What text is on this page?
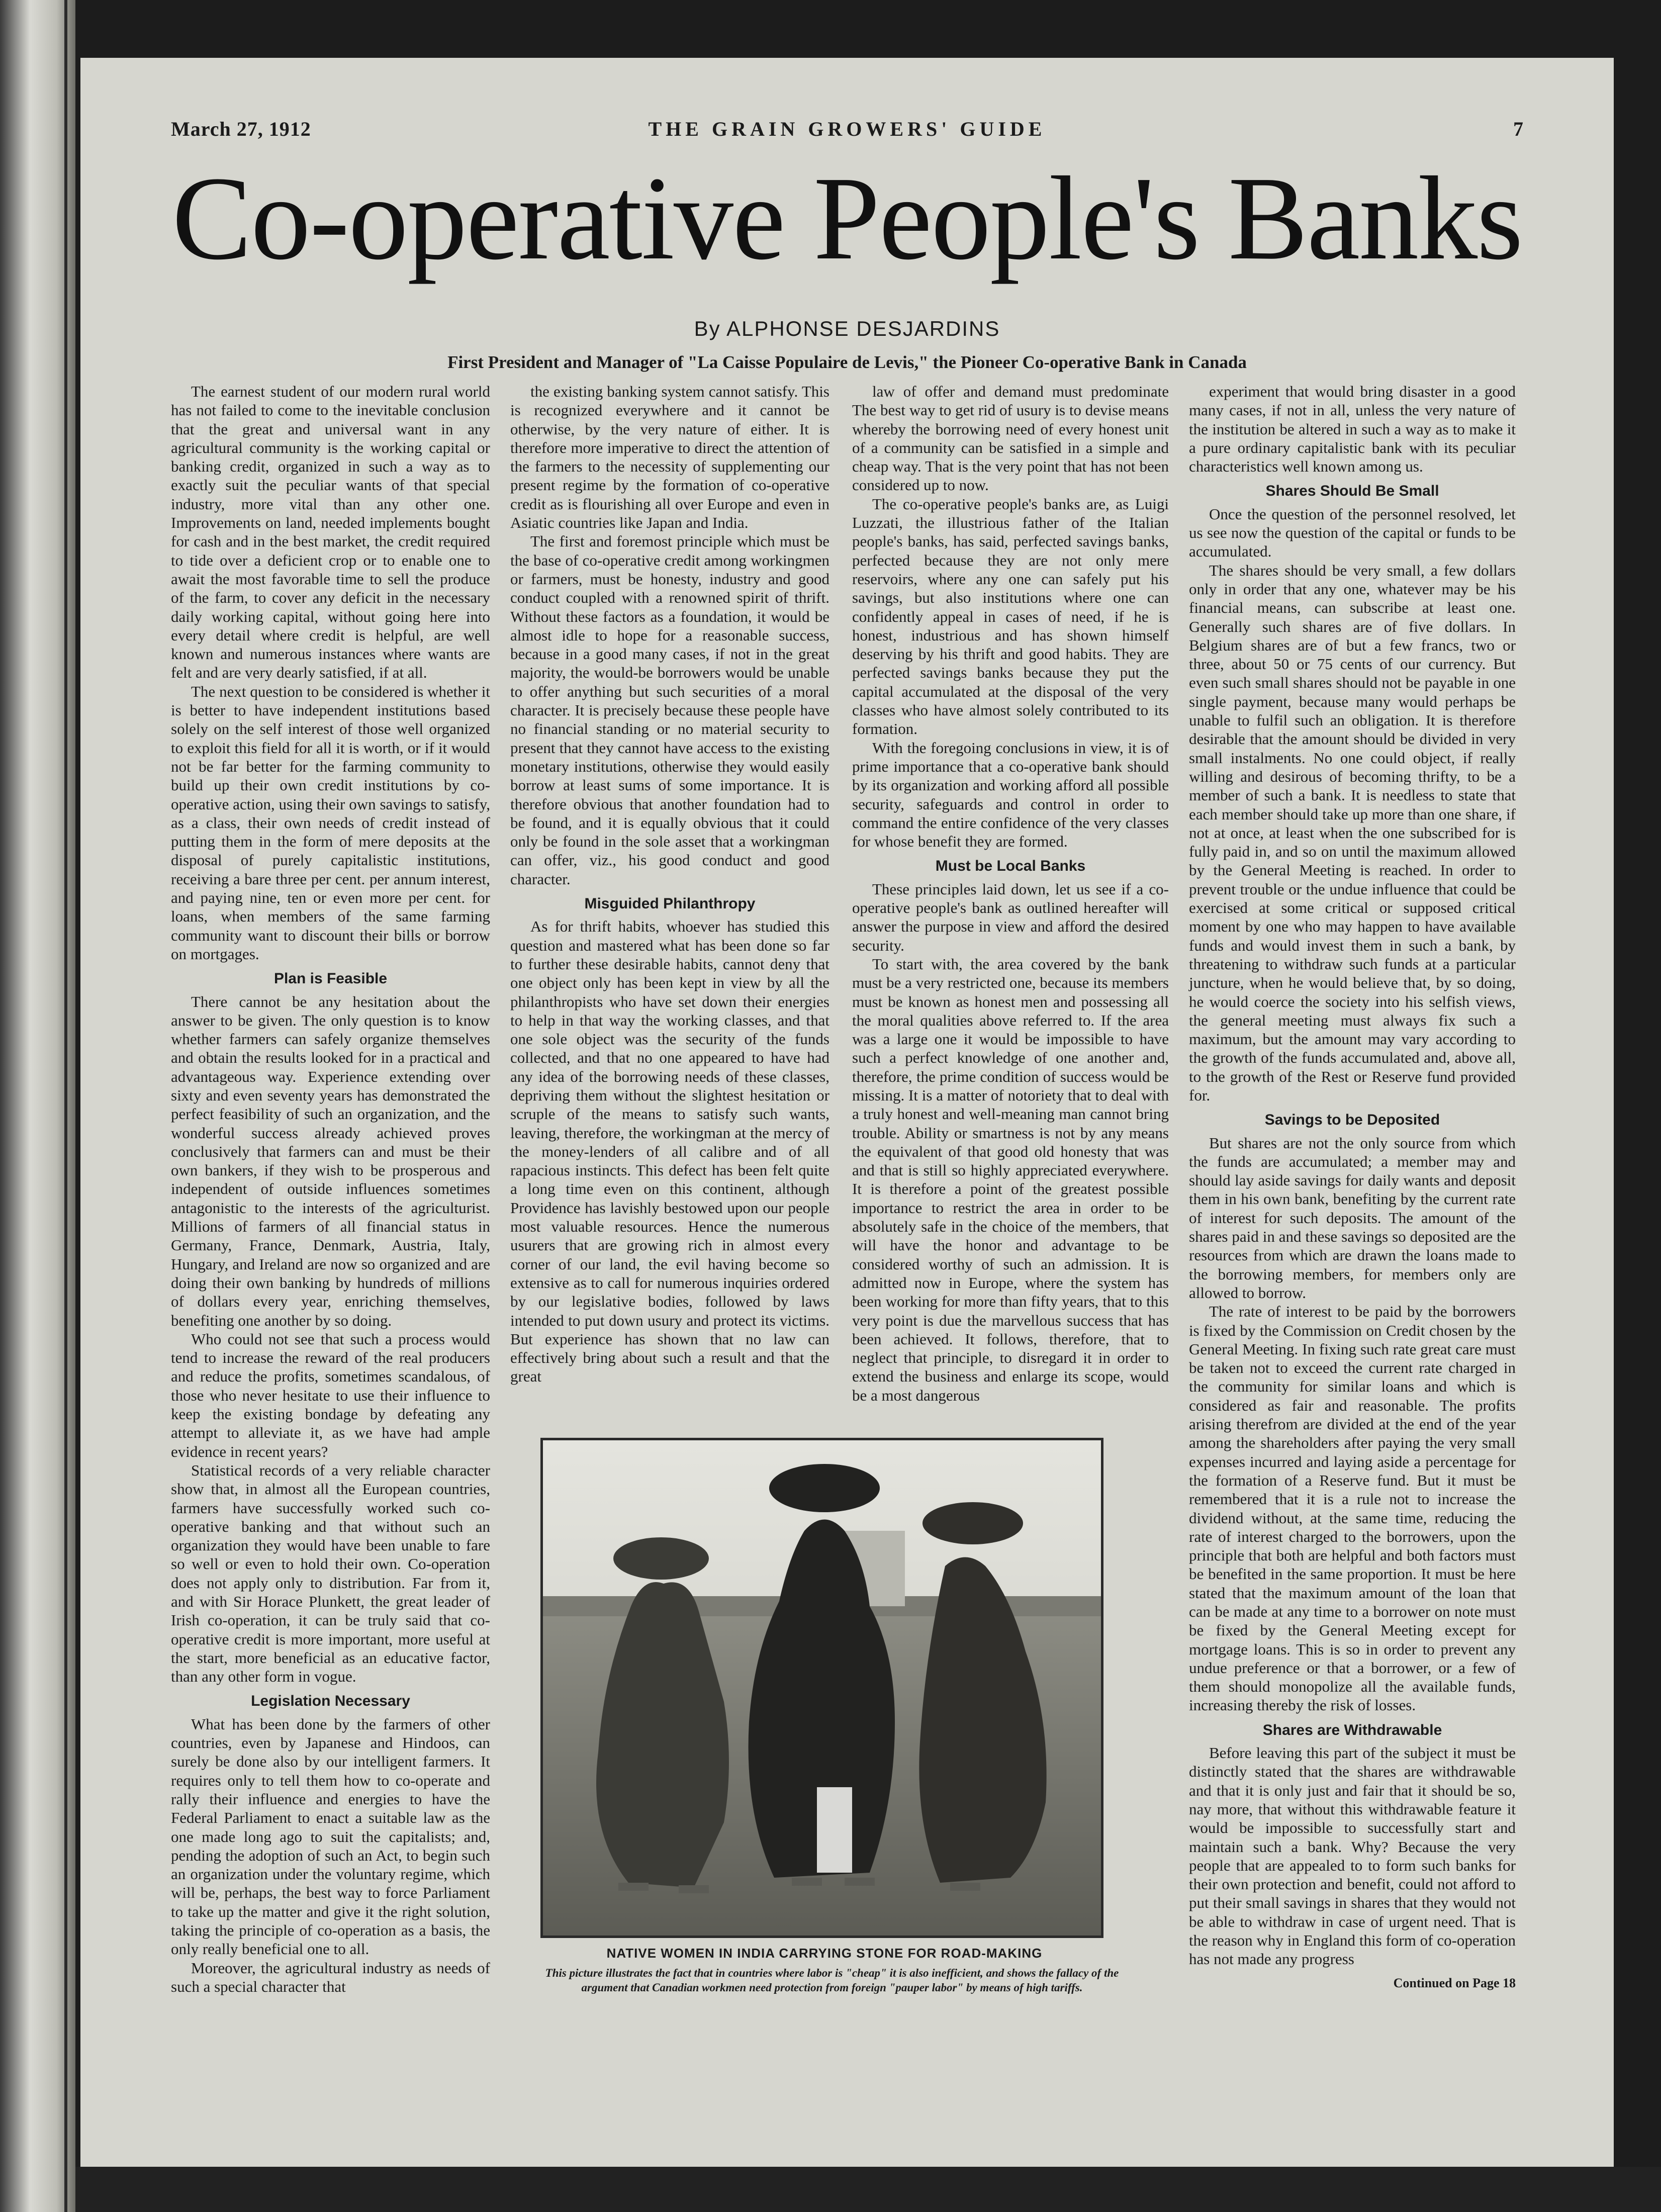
March 27, 1912	THE GRAIN GROWERS' GUIDE	7
Co-operative People's Banks
By ALPHONSE DESJARDINS
First President and Manager of "La Caisse Populaire de Levis," the Pioneer Co-operative Bank in Canada

The earnest student of our modern rural world has not failed to come to the inevitable conclusion that the great and universal want in any agricultural community is the working capital or banking credit, organized in such a way as to exactly suit the peculiar wants of that special industry, more vital than any other one. Improvements on land, needed implements bought for cash and in the best market, the credit required to tide over a deficient crop or to enable one to await the most favorable time to sell the produce of the farm, to cover any deficit in the necessary daily working capital, without going here into every detail where credit is helpful, are well known and numerous instances where wants are felt and are very dearly satisfied, if at all.

The next question to be considered is whether it is better to have independent institutions based solely on the self interest of those well organized to exploit this field for all it is worth, or if it would not be far better for the farming community to build up their own credit institutions by co-operative action, using their own savings to satisfy, as a class, their own needs of credit instead of putting them in the form of mere deposits at the disposal of purely capitalistic institutions, receiving a bare three per cent. per annum interest, and paying nine, ten or even more per cent. for loans, when members of the same farming community want to discount their bills or borrow on mortgages.

Plan is Feasible

There cannot be any hesitation about the answer to be given. The only question is to know whether farmers can safely organize themselves and obtain the results looked for in a practical and advantageous way. Experience extending over sixty and even seventy years has demonstrated the perfect feasibility of such an organization, and the wonderful success already achieved proves conclusively that farmers can and must be their own bankers, if they wish to be prosperous and independent of outside influences sometimes antagonistic to the interests of the agriculturist. Millions of farmers of all financial status in Germany, France, Denmark, Austria, Italy, Hungary, and Ireland are now so organized and are doing their own banking by hundreds of millions of dollars every year, enriching themselves, benefiting one another by so doing.

Who could not see that such a process would tend to increase the reward of the real producers and reduce the profits, sometimes scandalous, of those who never hesitate to use their influence to keep the existing bondage by defeating any attempt to alleviate it, as we have had ample evidence in recent years?

Statistical records of a very reliable character show that, in almost all the European countries, farmers have successfully worked such co-operative banking and that without such an organization they would have been unable to fare so well or even to hold their own. Co-operation does not apply only to distribution. Far from it, and with Sir Horace Plunkett, the great leader of Irish co-operation, it can be truly said that co-operative credit is more important, more useful at the start, more beneficial as an educative factor, than any other form in vogue.

Legislation Necessary

What has been done by the farmers of other countries, even by Japanese and Hindoos, can surely be done also by our intelligent farmers. It requires only to tell them how to co-operate and rally their influence and energies to have the Federal Parliament to enact a suitable law as the one made long ago to suit the capitalists; and, pending the adoption of such an Act, to begin such an organization under the voluntary regime, which will be, perhaps, the best way to force Parliament to take up the matter and give it the right solution, taking the principle of co-operation as a basis, the only really beneficial one to all.

Moreover, the agricultural industry as needs of such a special character that

the existing banking system cannot satisfy. This is recognized everywhere and it cannot be otherwise, by the very nature of either. It is therefore more imperative to direct the attention of the farmers to the necessity of supplementing our present regime by the formation of co-operative credit as is flourishing all over Europe and even in Asiatic countries like Japan and India.

The first and foremost principle which must be the base of co-operative credit among workingmen or farmers, must be honesty, industry and good conduct coupled with a renowned spirit of thrift. Without these factors as a foundation, it would be almost idle to hope for a reasonable success, because in a good many cases, if not in the great majority, the would-be borrowers would be unable to offer anything but such securities of a moral character. It is precisely because these people have no financial standing or no material security to present that they cannot have access to the existing monetary institutions, otherwise they would easily borrow at least sums of some importance. It is therefore obvious that another foundation had to be found, and it is equally obvious that it could only be found in the sole asset that a workingman can offer, viz., his good conduct and good character.

Misguided Philanthropy

As for thrift habits, whoever has studied this question and mastered what has been done so far to further these desirable habits, cannot deny that one object only has been kept in view by all the philanthropists who have set down their energies to help in that way the working classes, and that one sole object was the security of the funds collected, and that no one appeared to have had any idea of the borrowing needs of these classes, depriving them without the slightest hesitation or scruple of the means to satisfy such wants, leaving, therefore, the workingman at the mercy of the money-lenders of all calibre and of all rapacious instincts. This defect has been felt quite a long time even on this continent, although Providence has lavishly bestowed upon our people most valuable resources. Hence the numerous usurers that are growing rich in almost every corner of our land, the evil having become so extensive as to call for numerous inquiries ordered by our legislative bodies, followed by laws intended to put down usury and protect its victims. But experience has shown that no law can effectively bring about such a result and that the great

law of offer and demand must predominate The best way to get rid of usury is to devise means whereby the borrowing need of every honest unit of a community can be satisfied in a simple and cheap way. That is the very point that has not been considered up to now.

The co-operative people's banks are, as Luigi Luzzati, the illustrious father of the Italian people's banks, has said, perfected savings banks, perfected because they are not only mere reservoirs, where any one can safely put his savings, but also institutions where one can confidently appeal in cases of need, if he is honest, industrious and has shown himself deserving by his thrift and good habits. They are perfected savings banks because they put the capital accumulated at the disposal of the very classes who have almost solely contributed to its formation.

With the foregoing conclusions in view, it is of prime importance that a co-operative bank should by its organization and working afford all possible security, safeguards and control in order to command the entire confidence of the very classes for whose benefit they are formed.

Must be Local Banks

These principles laid down, let us see if a co-operative people's bank as outlined hereafter will answer the purpose in view and afford the desired security.

To start with, the area covered by the bank must be a very restricted one, because its members must be known as honest men and possessing all the moral qualities above referred to. If the area was a large one it would be impossible to have such a perfect knowledge of one another and, therefore, the prime condition of success would be missing. It is a matter of notoriety that to deal with a truly honest and well-meaning man cannot bring trouble. Ability or smartness is not by any means the equivalent of that good old honesty that was and that is still so highly appreciated everywhere. It is therefore a point of the greatest possible importance to restrict the area in order to be absolutely safe in the choice of the members, that will have the honor and advantage to be considered worthy of such an admission. It is admitted now in Europe, where the system has been working for more than fifty years, that to this very point is due the marvellous success that has been achieved. It follows, therefore, that to neglect that principle, to disregard it in order to extend the business and enlarge its scope, would be a most dangerous

experiment that would bring disaster in a good many cases, if not in all, unless the very nature of the institution be altered in such a way as to make it a pure ordinary capitalistic bank with its peculiar characteristics well known among us.

Shares Should Be Small

Once the question of the personnel resolved, let us see now the question of the capital or funds to be accumulated.

The shares should be very small, a few dollars only in order that any one, whatever may be his financial means, can subscribe at least one. Generally such shares are of five dollars. In Belgium shares are of but a few francs, two or three, about 50 or 75 cents of our currency. But even such small shares should not be payable in one single payment, because many would perhaps be unable to fulfil such an obligation. It is therefore desirable that the amount should be divided in very small instalments. No one could object, if really willing and desirous of becoming thrifty, to be a member of such a bank. It is needless to state that each member should take up more than one share, if not at once, at least when the one subscribed for is fully paid in, and so on until the maximum allowed by the General Meeting is reached. In order to prevent trouble or the undue influence that could be exercised at some critical or supposed critical moment by one who may happen to have available funds and would invest them in such a bank, by threatening to withdraw such funds at a particular juncture, when he would believe that, by so doing, he would coerce the society into his selfish views, the general meeting must always fix such a maximum, but the amount may vary according to the growth of the funds accumulated and, above all, to the growth of the Rest or Reserve fund provided for.

Savings to be Deposited

But shares are not the only source from which the funds are accumulated; a member may and should lay aside savings for daily wants and deposit them in his own bank, benefiting by the current rate of interest for such deposits. The amount of the shares paid in and these savings so deposited are the resources from which are drawn the loans made to the borrowing members, for members only are allowed to borrow.

The rate of interest to be paid by the borrowers is fixed by the Commission on Credit chosen by the General Meeting. In fixing such rate great care must be taken not to exceed the current rate charged in the community for similar loans and which is considered as fair and reasonable. The profits arising therefrom are divided at the end of the year among the shareholders after paying the very small expenses incurred and laying aside a percentage for the formation of a Reserve fund. But it must be remembered that it is a rule not to increase the dividend without, at the same time, reducing the rate of interest charged to the borrowers, upon the principle that both are helpful and both factors must be benefited in the same proportion. It must be here stated that the maximum amount of the loan that can be made at any time to a borrower on note must be fixed by the General Meeting except for mortgage loans. This is so in order to prevent any undue preference or that a borrower, or a few of them should monopolize all the available funds, increasing thereby the risk of losses.

Shares are Withdrawable

Before leaving this part of the subject it must be distinctly stated that the shares are withdrawable and that it is only just and fair that it should be so, nay more, that without this withdrawable feature it would be impossible to successfully start and maintain such a bank. Why? Because the very people that are appealed to to form such banks for their own protection and benefit, could not afford to put their small savings in shares that they would not be able to withdraw in case of urgent need. That is the reason why in England this form of co-operation has not made any progress

Continued on Page 18
NATIVE WOMEN IN INDIA CARRYING STONE FOR ROAD-MAKING
This picture illustrates the fact that in countries where labor is "cheap" it is also inefficient, and shows the fallacy of the argument that Canadian workmen need protection from foreign "pauper labor" by means of high tariffs.
